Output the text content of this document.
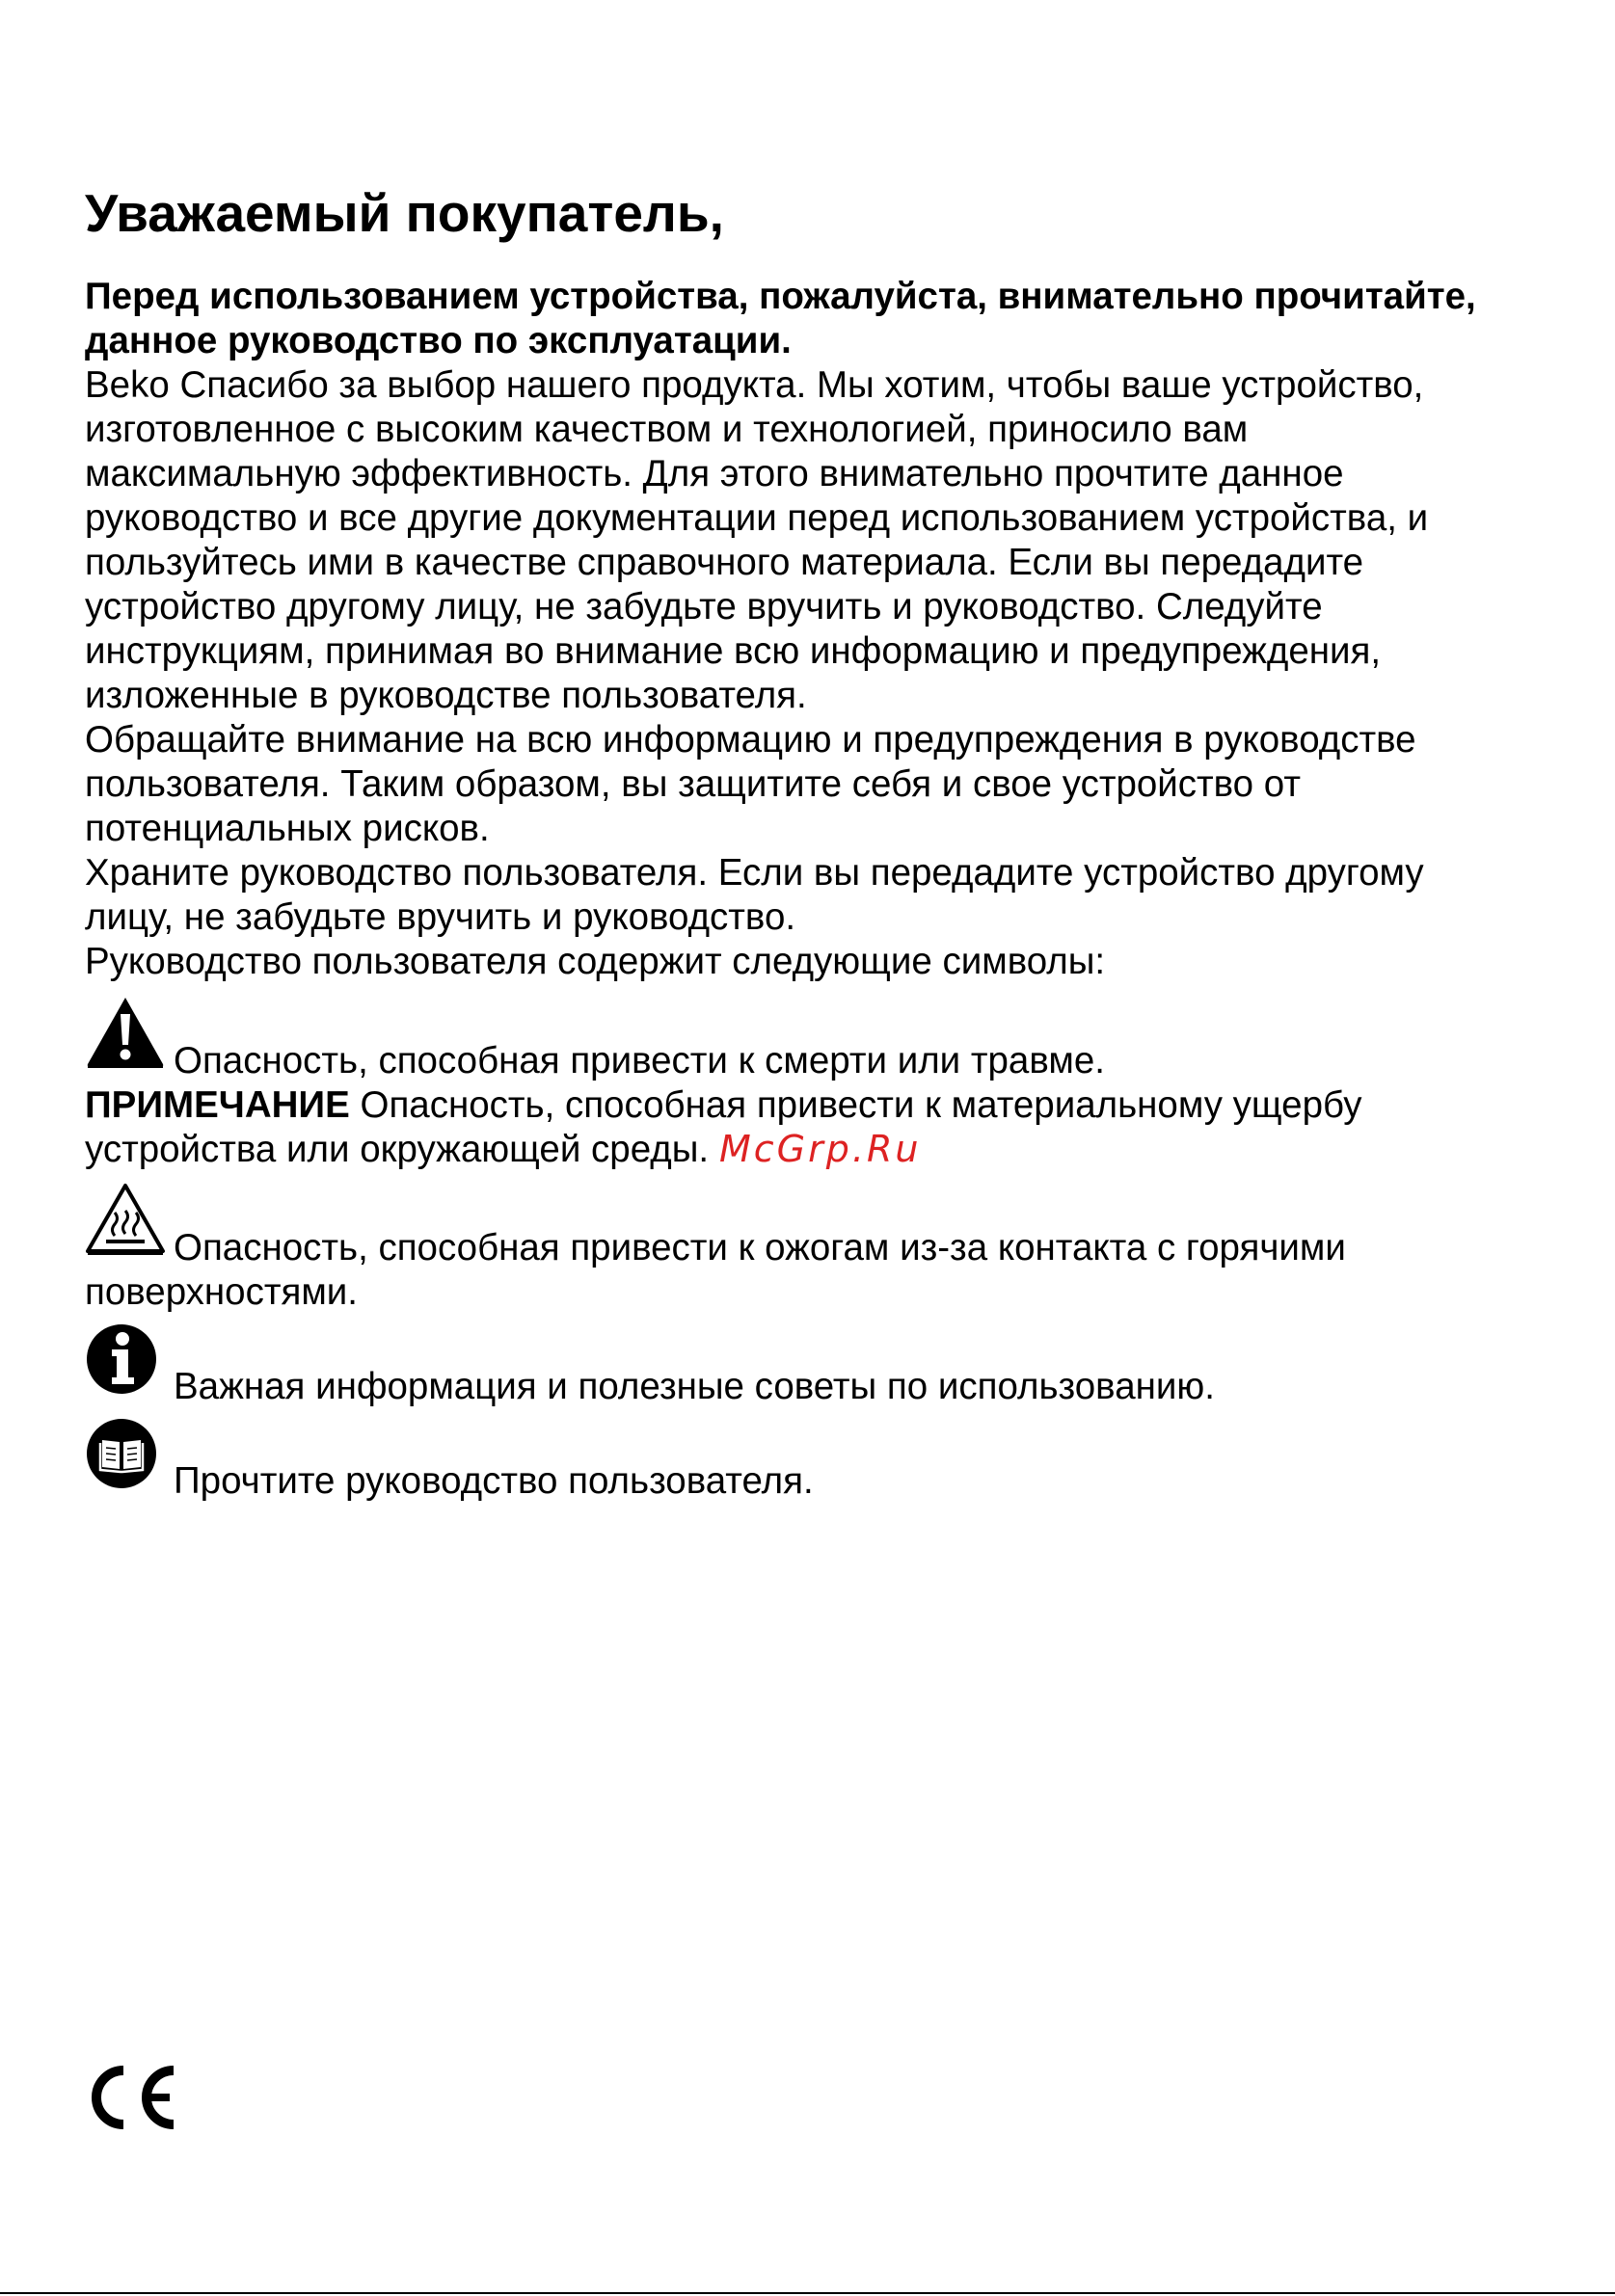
Уважаемый покупатель,
Перед использованием устройства, пожалуйста, внимательно прочитайте,
данное руководство по эксплуатации.
Beko Спасибо за выбор нашего продукта. Мы хотим, чтобы ваше устройство,
изготовленное с высоким качеством и технологией, приносило вам
максимальную эффективность. Для этого внимательно прочтите данное
руководство и все другие документации перед использованием устройства, и
пользуйтесь ими в качестве справочного материала. Если вы передадите
устройство другому лицу, не забудьте вручить и руководство. Следуйте
инструкциям, принимая во внимание всю информацию и предупреждения,
изложенные в руководстве пользователя.
Обращайте внимание на всю информацию и предупреждения в руководстве
пользователя. Таким образом, вы защитите себя и свое устройство от
потенциальных рисков.
Храните руководство пользователя. Если вы передадите устройство другому
лицу, не забудьте вручить и руководство.
Руководство пользователя содержит следующие символы:
Опасность, способная привести к смерти или травме.
ПРИМЕЧАНИЕ Опасность, способная привести к материальному ущербу
устройства или окружающей среды. McGrp.Ru
Опасность, способная привести к ожогам из-за контакта с горячими
поверхностями.
Важная информация и полезные советы по использованию.
Прочтите руководство пользователя.
